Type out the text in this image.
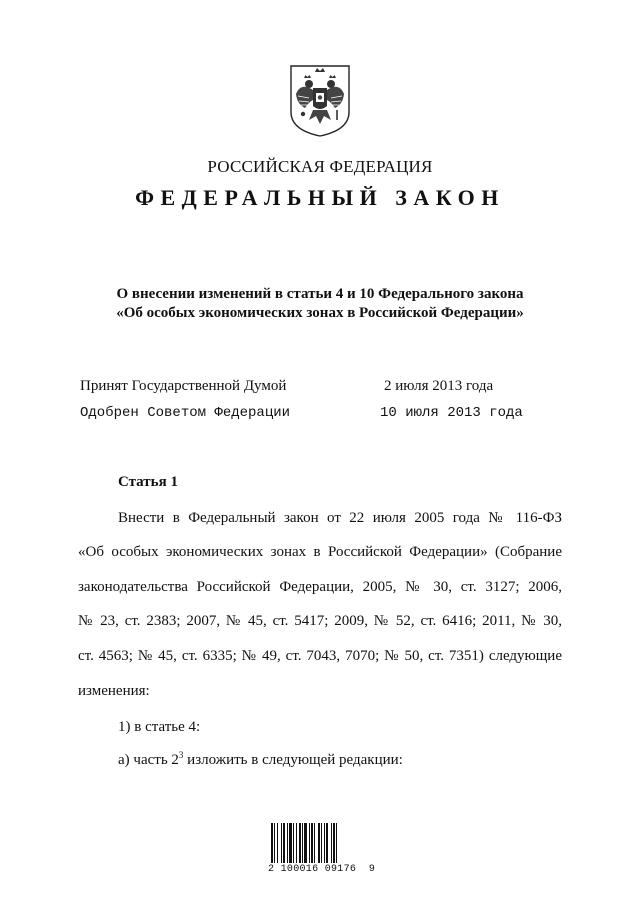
РОССИЙСКАЯ ФЕДЕРАЦИЯ
ФЕДЕРАЛЬНЫЙ ЗАКОН
О внесении изменений в статьи 4 и 10 Федерального закона
«Об особых экономических зонах в Российской Федерации»
Принят Государственной Думой	2 июля 2013 года
Одобрен Советом Федерации	10 июля 2013 года
Статья 1
Внести в Федеральный закон от 22 июля 2005 года № 116-ФЗ
«Об особых экономических зонах в Российской Федерации» (Собрание
законодательства Российской Федерации, 2005, № 30, ст. 3127; 2006,
№ 23, ст. 2383; 2007, № 45, ст. 5417; 2009, № 52, ст. 6416; 2011, № 30,
ст. 4563; № 45, ст. 6335; № 49, ст. 7043, 7070; № 50, ст. 7351) следующие
изменения:
1) в статье 4:
а) часть $2^3$ изложить в следующей редакции:
2 100016 09176  9
